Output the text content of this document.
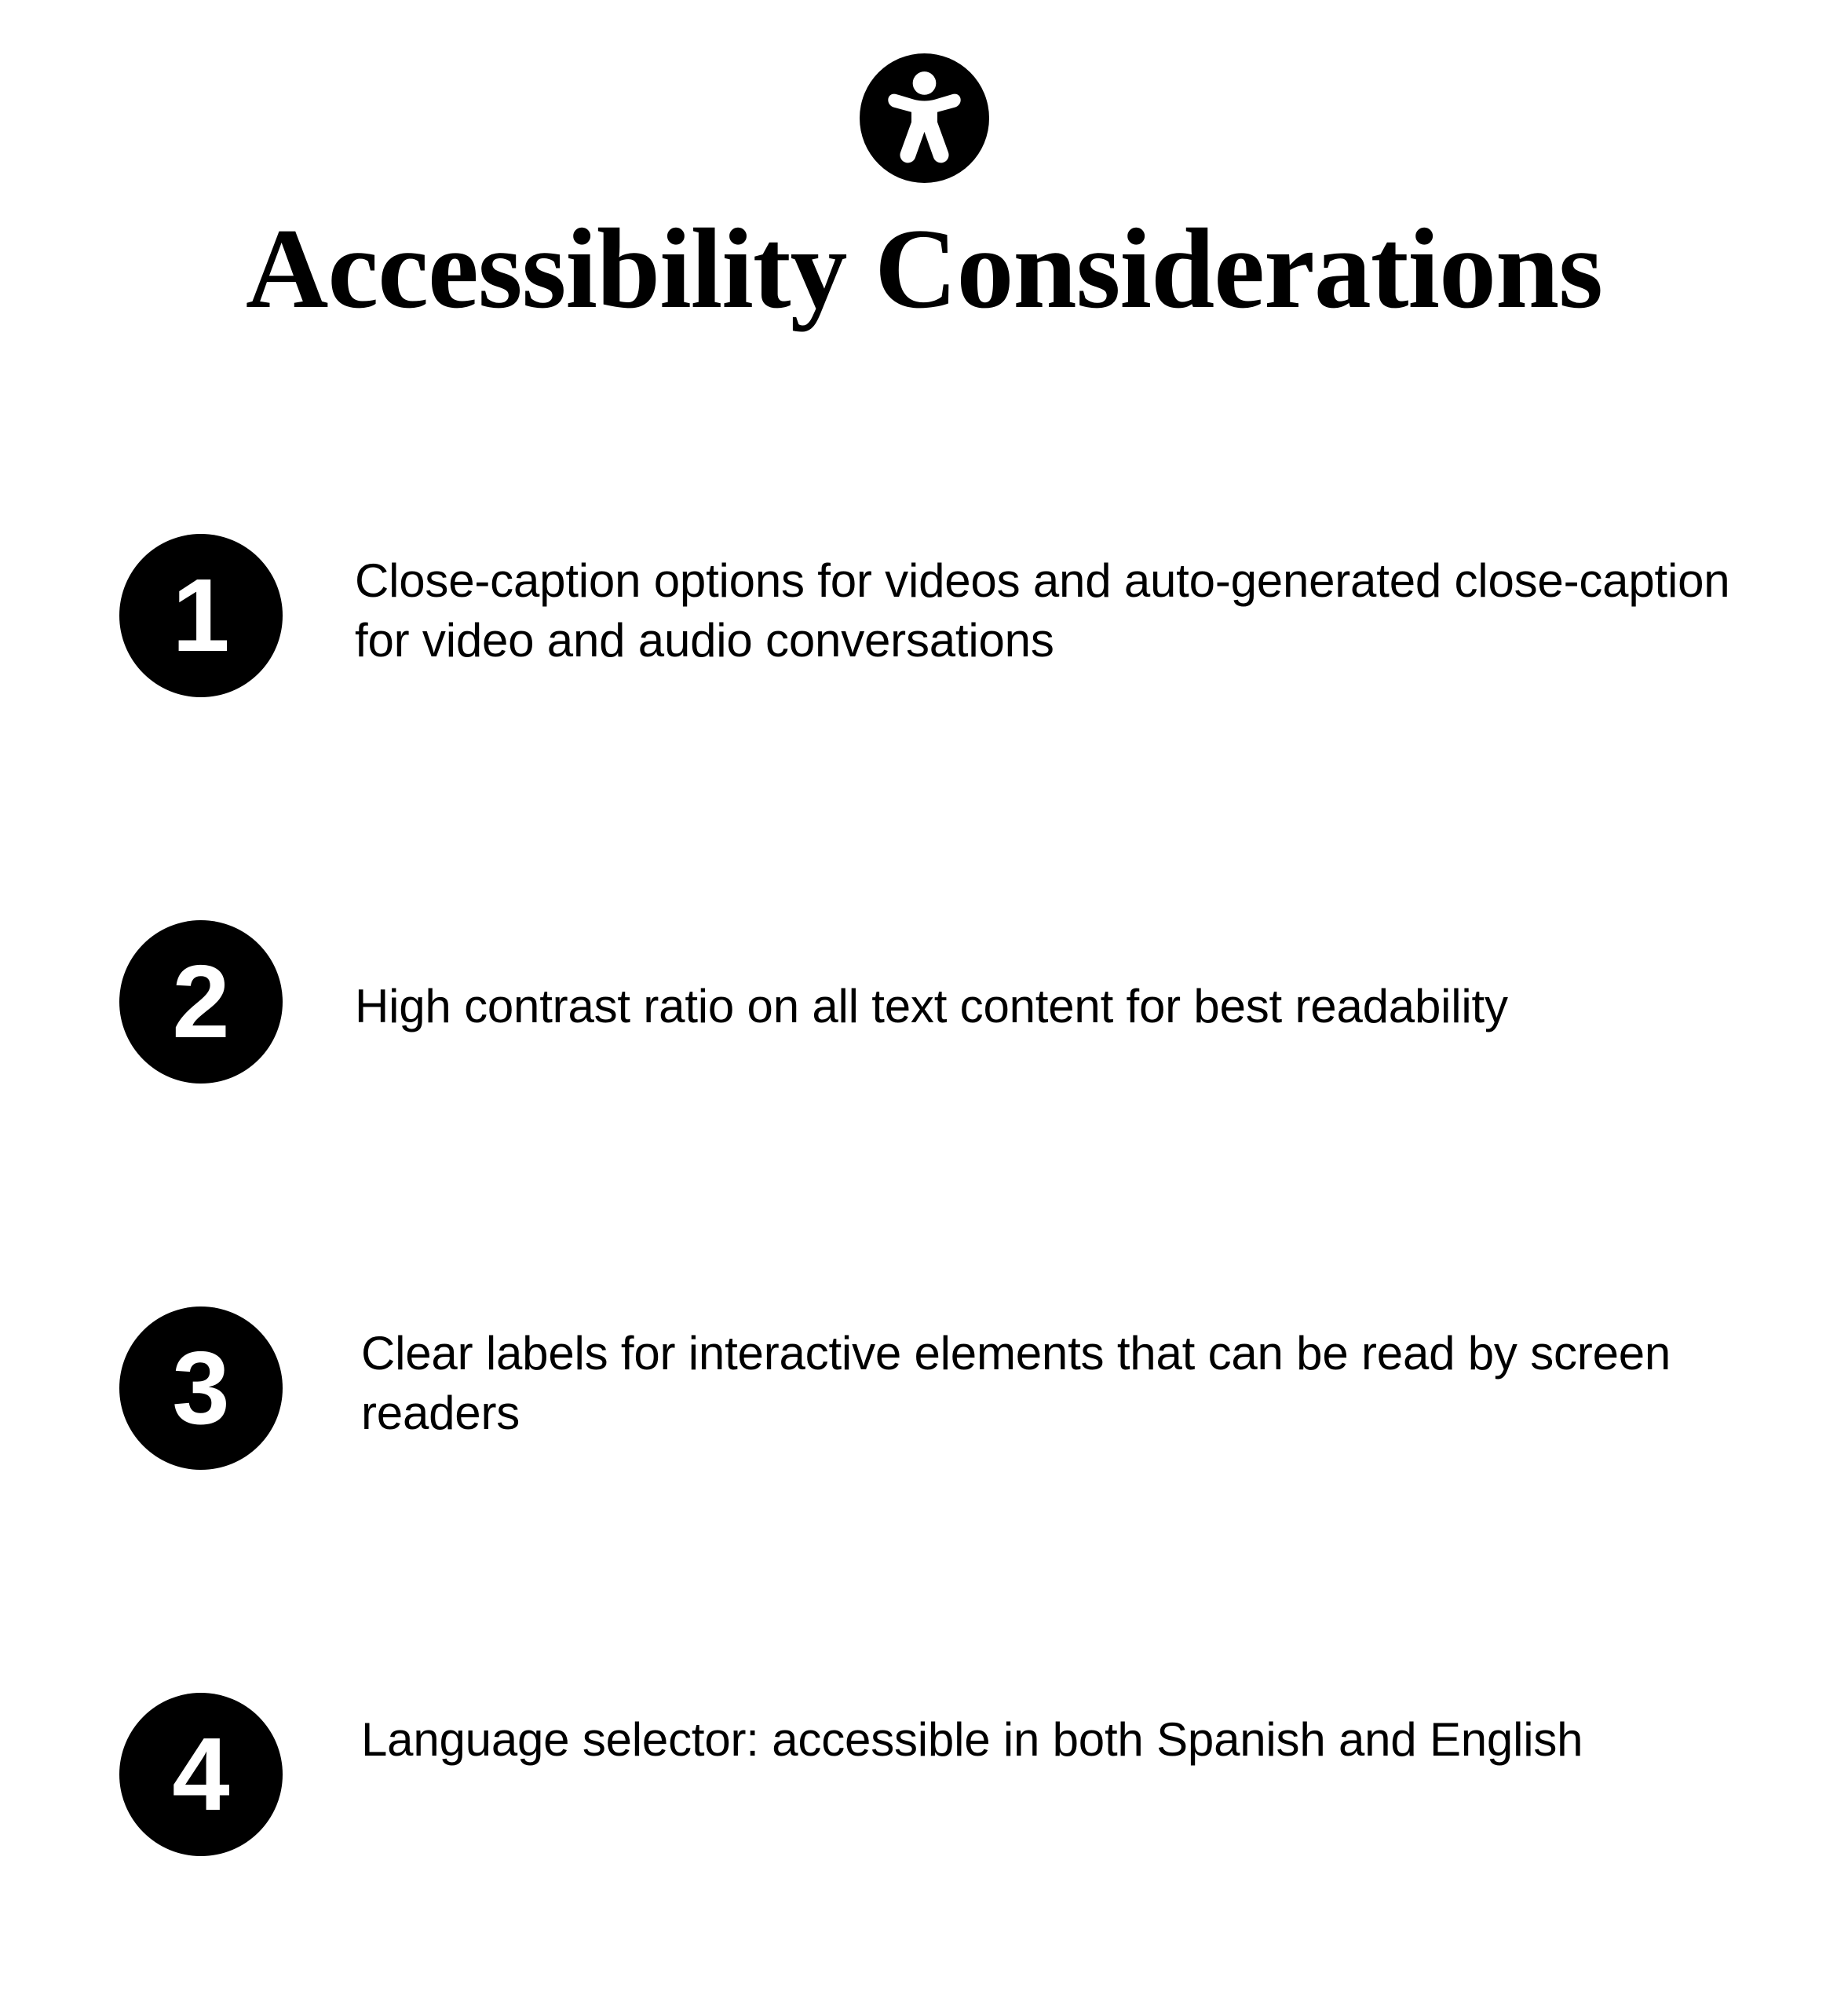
Accessibility Considerations
1	Close-caption options for videos and auto-generated close-caption for video and audio conversations
2	High contrast ratio on all text content for best readability
3	Clear labels for interactive elements that can be read by screen readers
4	Language selector: accessible in both Spanish and English
